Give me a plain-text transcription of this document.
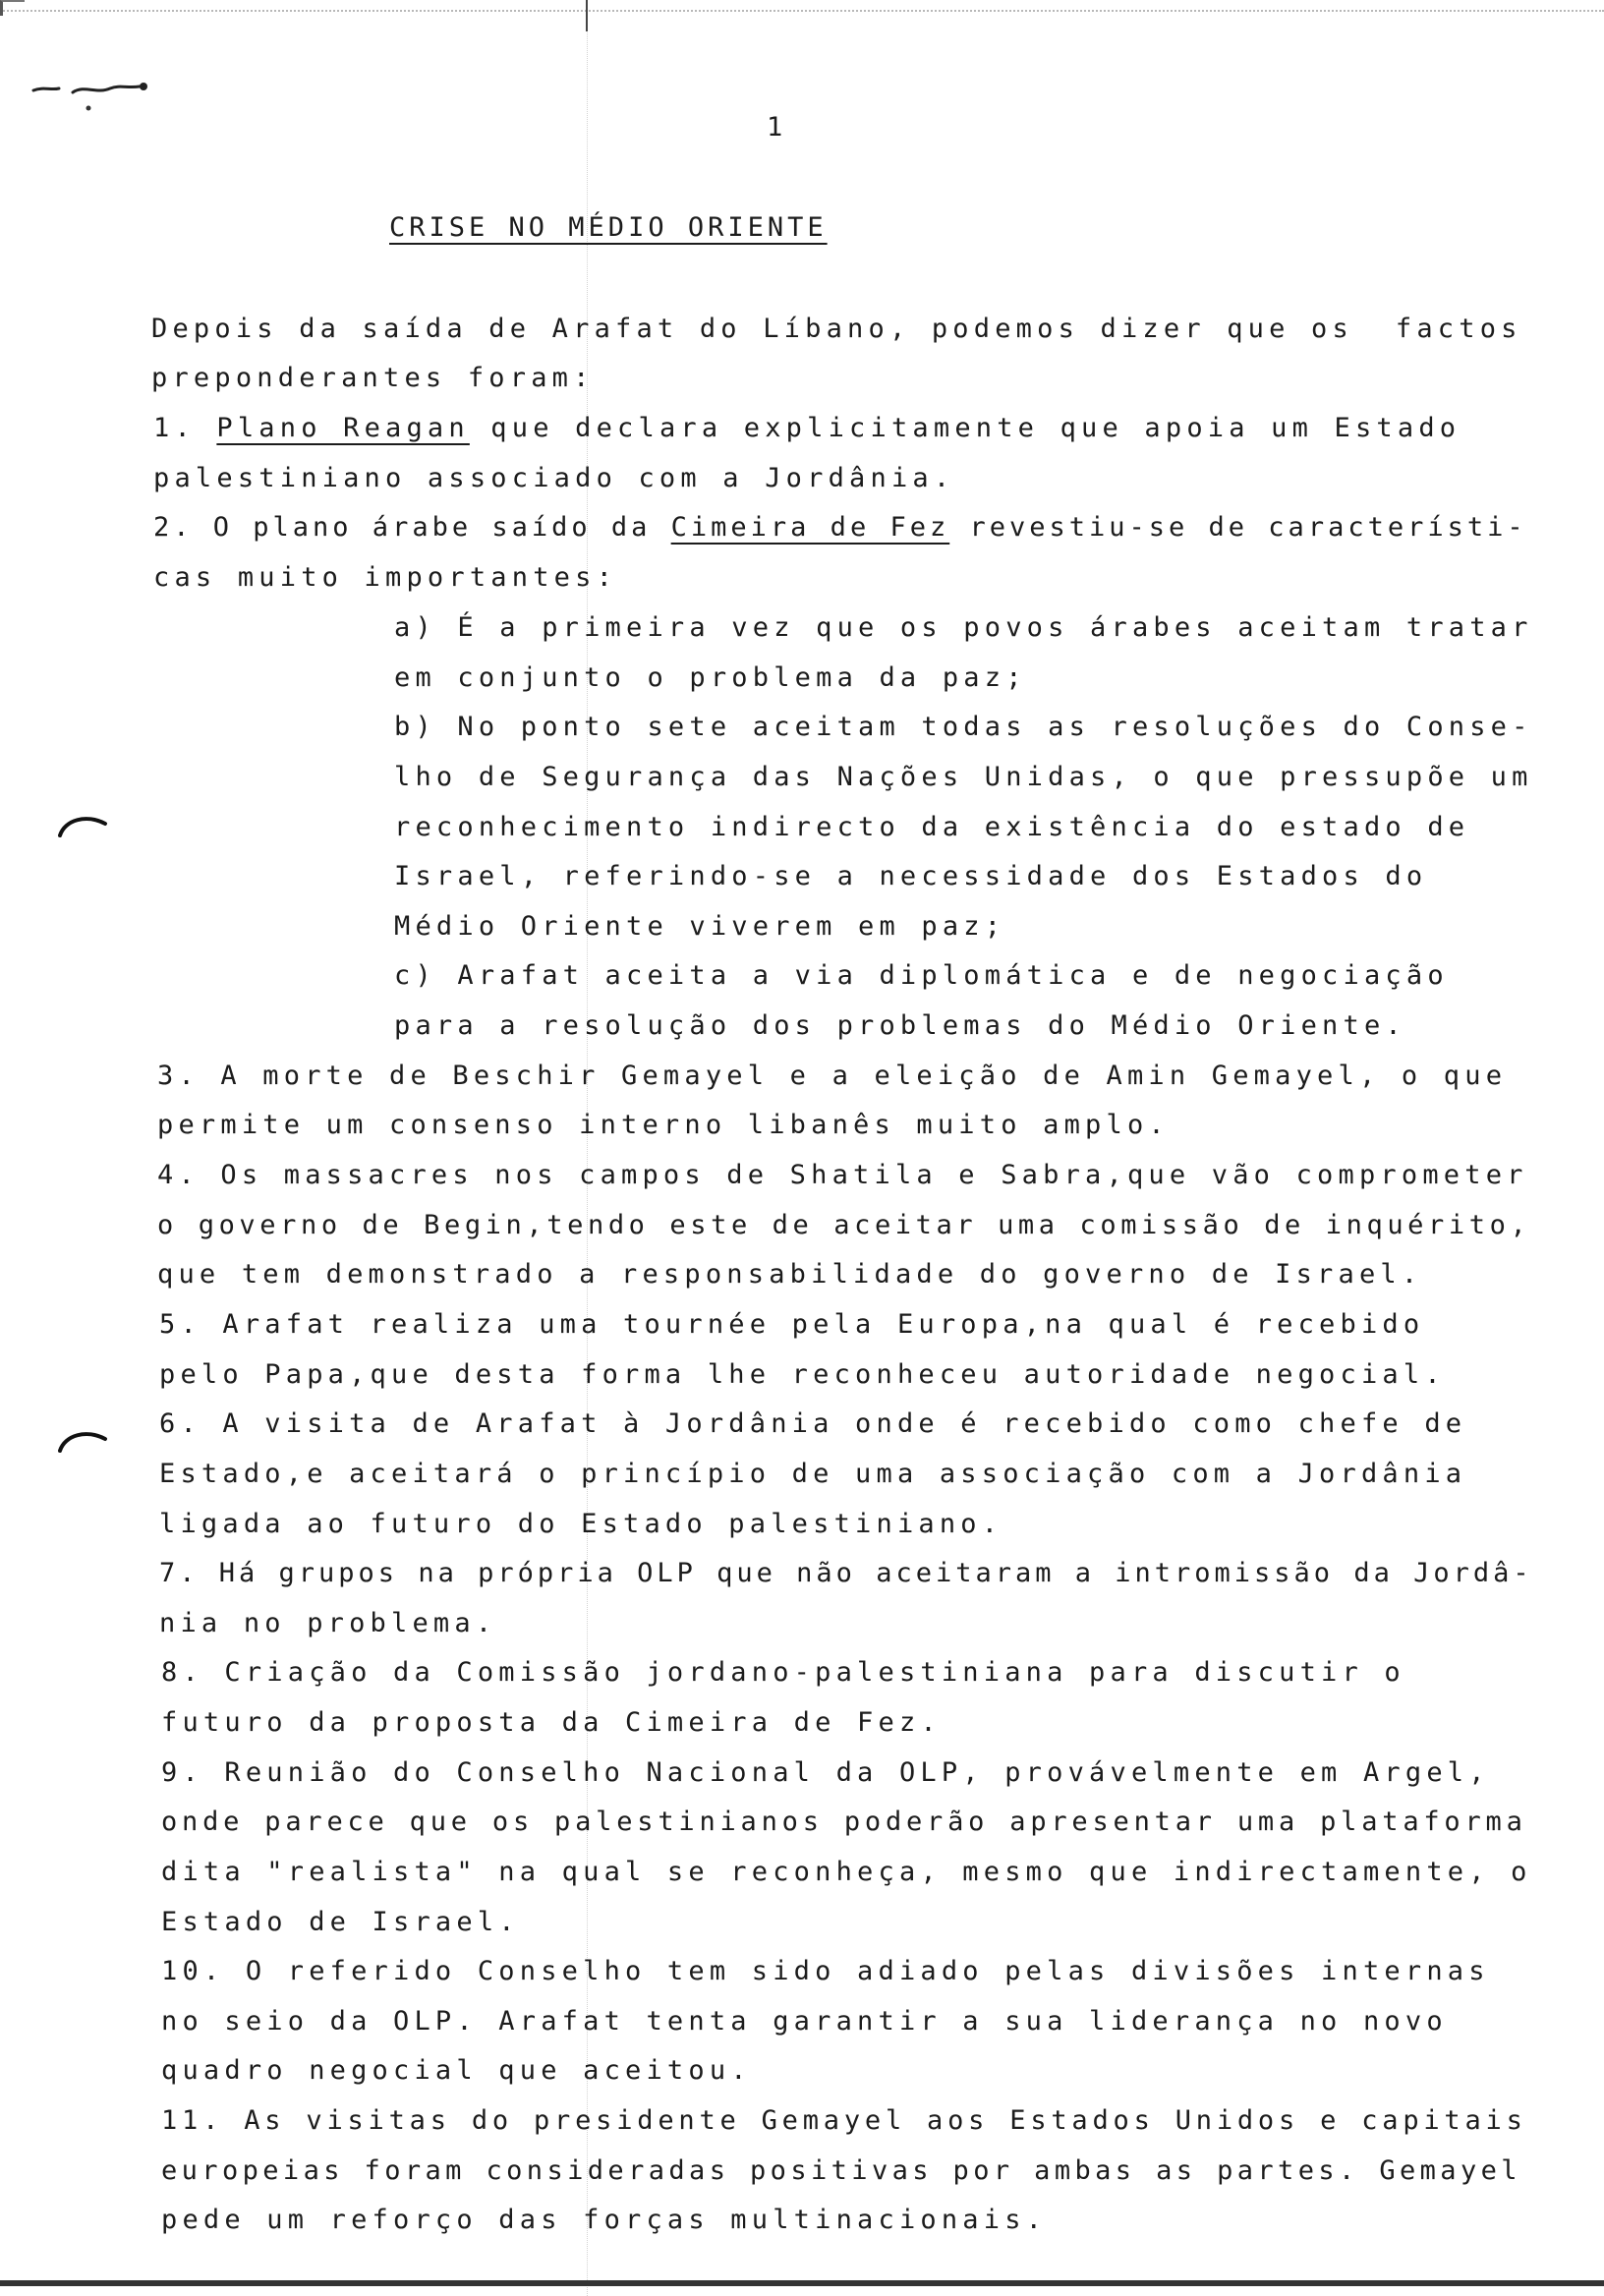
1
CRISE NO MÉDIO ORIENTE
Depois da saída de Arafat do Líbano, podemos dizer que os  factos
preponderantes foram:
1. Plano Reagan que declara explicitamente que apoia um Estado
palestiniano associado com a Jordânia.
2. O plano árabe saído da Cimeira de Fez revestiu-se de característi-
cas muito importantes:
a) É a primeira vez que os povos árabes aceitam tratar
em conjunto o problema da paz;
b) No ponto sete aceitam todas as resoluções do Conse-
lho de Segurança das Nações Unidas, o que pressupõe um
reconhecimento indirecto da existência do estado de
Israel, referindo-se a necessidade dos Estados do
Médio Oriente viverem em paz;
c) Arafat aceita a via diplomática e de negociação
para a resolução dos problemas do Médio Oriente.
3. A morte de Beschir Gemayel e a eleição de Amin Gemayel, o que
permite um consenso interno libanês muito amplo.
4. Os massacres nos campos de Shatila e Sabra,que vão comprometer
o governo de Begin,tendo este de aceitar uma comissão de inquérito,
que tem demonstrado a responsabilidade do governo de Israel.
5. Arafat realiza uma tournée pela Europa,na qual é recebido
pelo Papa,que desta forma lhe reconheceu autoridade negocial.
6. A visita de Arafat à Jordânia onde é recebido como chefe de
Estado,e aceitará o princípio de uma associação com a Jordânia
ligada ao futuro do Estado palestiniano.
7. Há grupos na própria OLP que não aceitaram a intromissão da Jordâ-
nia no problema.
8. Criação da Comissão jordano-palestiniana para discutir o
futuro da proposta da Cimeira de Fez.
9. Reunião do Conselho Nacional da OLP, provávelmente em Argel,
onde parece que os palestinianos poderão apresentar uma plataforma
dita "realista" na qual se reconheça, mesmo que indirectamente, o
Estado de Israel.
10. O referido Conselho tem sido adiado pelas divisões internas
no seio da OLP. Arafat tenta garantir a sua liderança no novo
quadro negocial que aceitou.
11. As visitas do presidente Gemayel aos Estados Unidos e capitais
europeias foram consideradas positivas por ambas as partes. Gemayel
pede um reforço das forças multinacionais.
